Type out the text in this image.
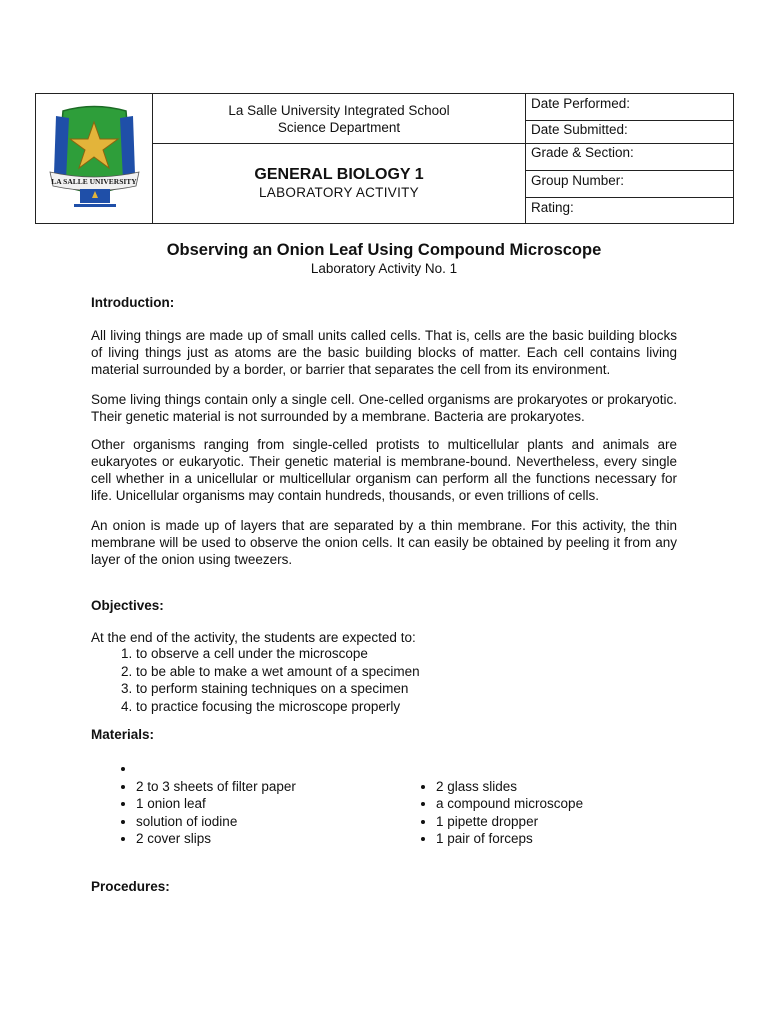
LA SALLE UNIVERSITY
La Salle University Integrated School
Science Department
GENERAL BIOLOGY 1
LABORATORY ACTIVITY
Date Performed:
Date Submitted:
Grade & Section:
Group Number:
Rating:
Observing an Onion Leaf Using Compound Microscope
Laboratory Activity No. 1
Introduction:

All living things are made up of small units called cells. That is, cells are the basic building blocks of living things just as atoms are the basic building blocks of matter. Each cell contains living material surrounded by a border, or barrier that separates the cell from its environment.

Some living things contain only a single cell. One-celled organisms are prokaryotes or prokaryotic. Their genetic material is not surrounded by a membrane. Bacteria are prokaryotes.

Other organisms ranging from single-celled protists to multicellular plants and animals are eukaryotes or eukaryotic. Their genetic material is membrane-bound. Nevertheless, every single cell whether in a unicellular or multicellular organism can perform all the functions necessary for life. Unicellular organisms may contain hundreds, thousands, or even trillions of cells.

An onion is made up of layers that are separated by a thin membrane. For this activity, the thin membrane will be used to observe the onion cells. It can easily be obtained by peeling it from any layer of the onion using tweezers.

Objectives:
At the end of the activity, the students are expected to:
1. to observe a cell under the microscope
2. to be able to make a wet amount of a specimen
3. to perform staining techniques on a specimen
4. to practice focusing the microscope properly
Materials:
•
• 2 to 3 sheets of filter paper
• 1 onion leaf
• solution of iodine
• 2 cover slips
• 2 glass slides
• a compound microscope
• 1 pipette dropper
• 1 pair of forceps
Procedures:
